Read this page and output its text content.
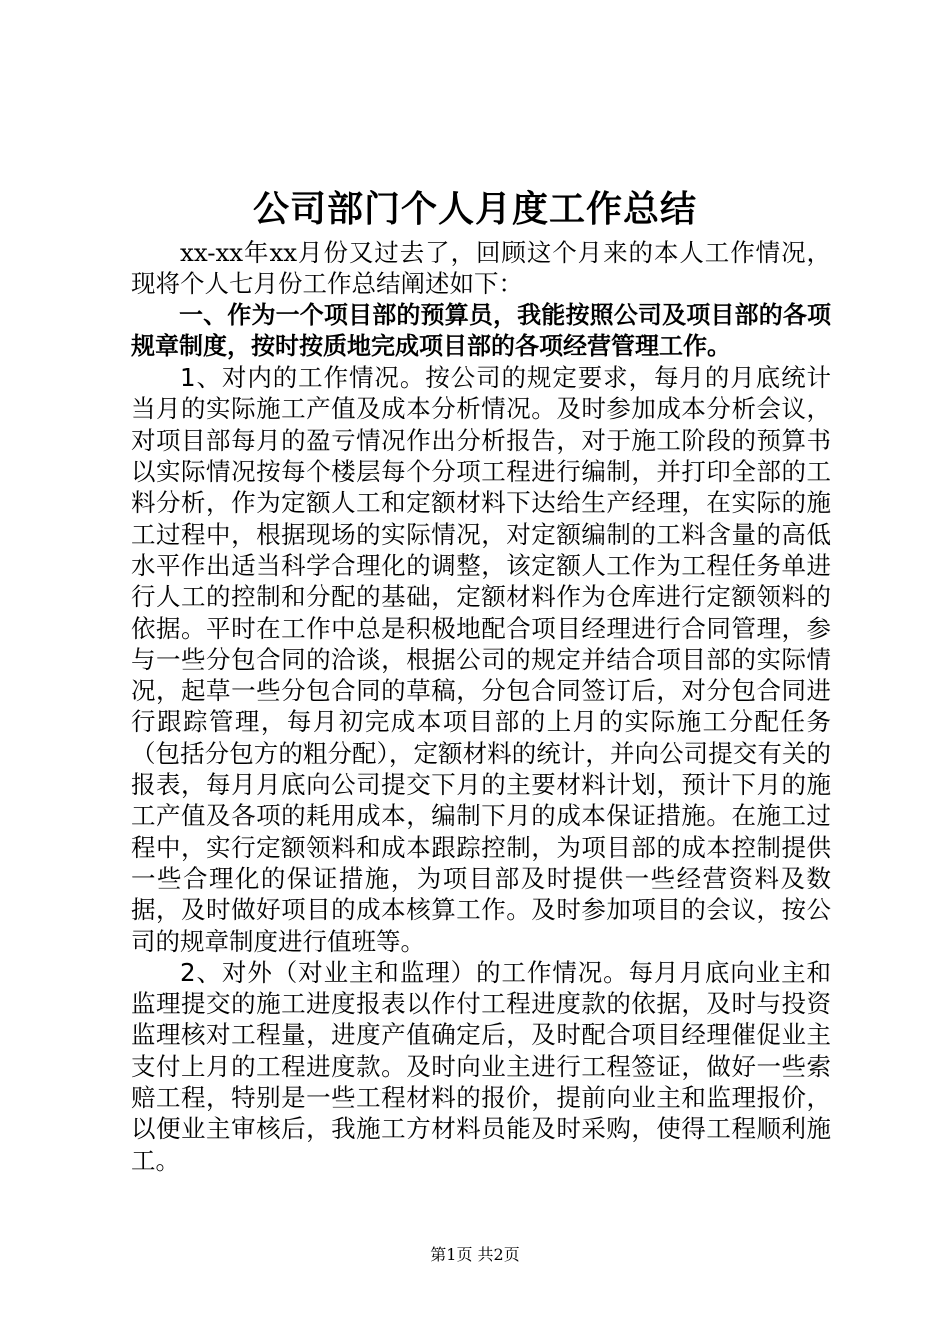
公司部门个人月度工作总结

xx-xx年xx月份又过去了，回顾这个月来的本人工作情况，现将个人七月份工作总结阐述如下：

一、作为一个项目部的预算员，我能按照公司及项目部的各项规章制度，按时按质地完成项目部的各项经营管理工作。

1、对内的工作情况。按公司的规定要求，每月的月底统计当月的实际施工产值及成本分析情况。及时参加成本分析会议，对项目部每月的盈亏情况作出分析报告，对于施工阶段的预算书以实际情况按每个楼层每个分项工程进行编制，并打印全部的工料分析，作为定额人工和定额材料下达给生产经理，在实际的施工过程中，根据现场的实际情况，对定额编制的工料含量的高低水平作出适当科学合理化的调整，该定额人工作为工程任务单进行人工的控制和分配的基础，定额材料作为仓库进行定额领料的依据。平时在工作中总是积极地配合项目经理进行合同管理，参与一些分包合同的洽谈，根据公司的规定并结合项目部的实际情况，起草一些分包合同的草稿，分包合同签订后，对分包合同进行跟踪管理，每月初完成本项目部的上月的实际施工分配任务（包括分包方的粗分配），定额材料的统计，并向公司提交有关的报表，每月月底向公司提交下月的主要材料计划，预计下月的施工产值及各项的耗用成本，编制下月的成本保证措施。在施工过程中，实行定额领料和成本跟踪控制，为项目部的成本控制提供一些合理化的保证措施，为项目部及时提供一些经营资料及数据，及时做好项目的成本核算工作。及时参加项目的会议，按公司的规章制度进行值班等。

2、对外（对业主和监理）的工作情况。每月月底向业主和监理提交的施工进度报表以作付工程进度款的依据，及时与投资监理核对工程量，进度产值确定后，及时配合项目经理催促业主支付上月的工程进度款。及时向业主进行工程签证，做好一些索赔工程，特别是一些工程材料的报价，提前向业主和监理报价，以便业主审核后，我施工方材料员能及时采购，使得工程顺利施工。

第1页 共2页
